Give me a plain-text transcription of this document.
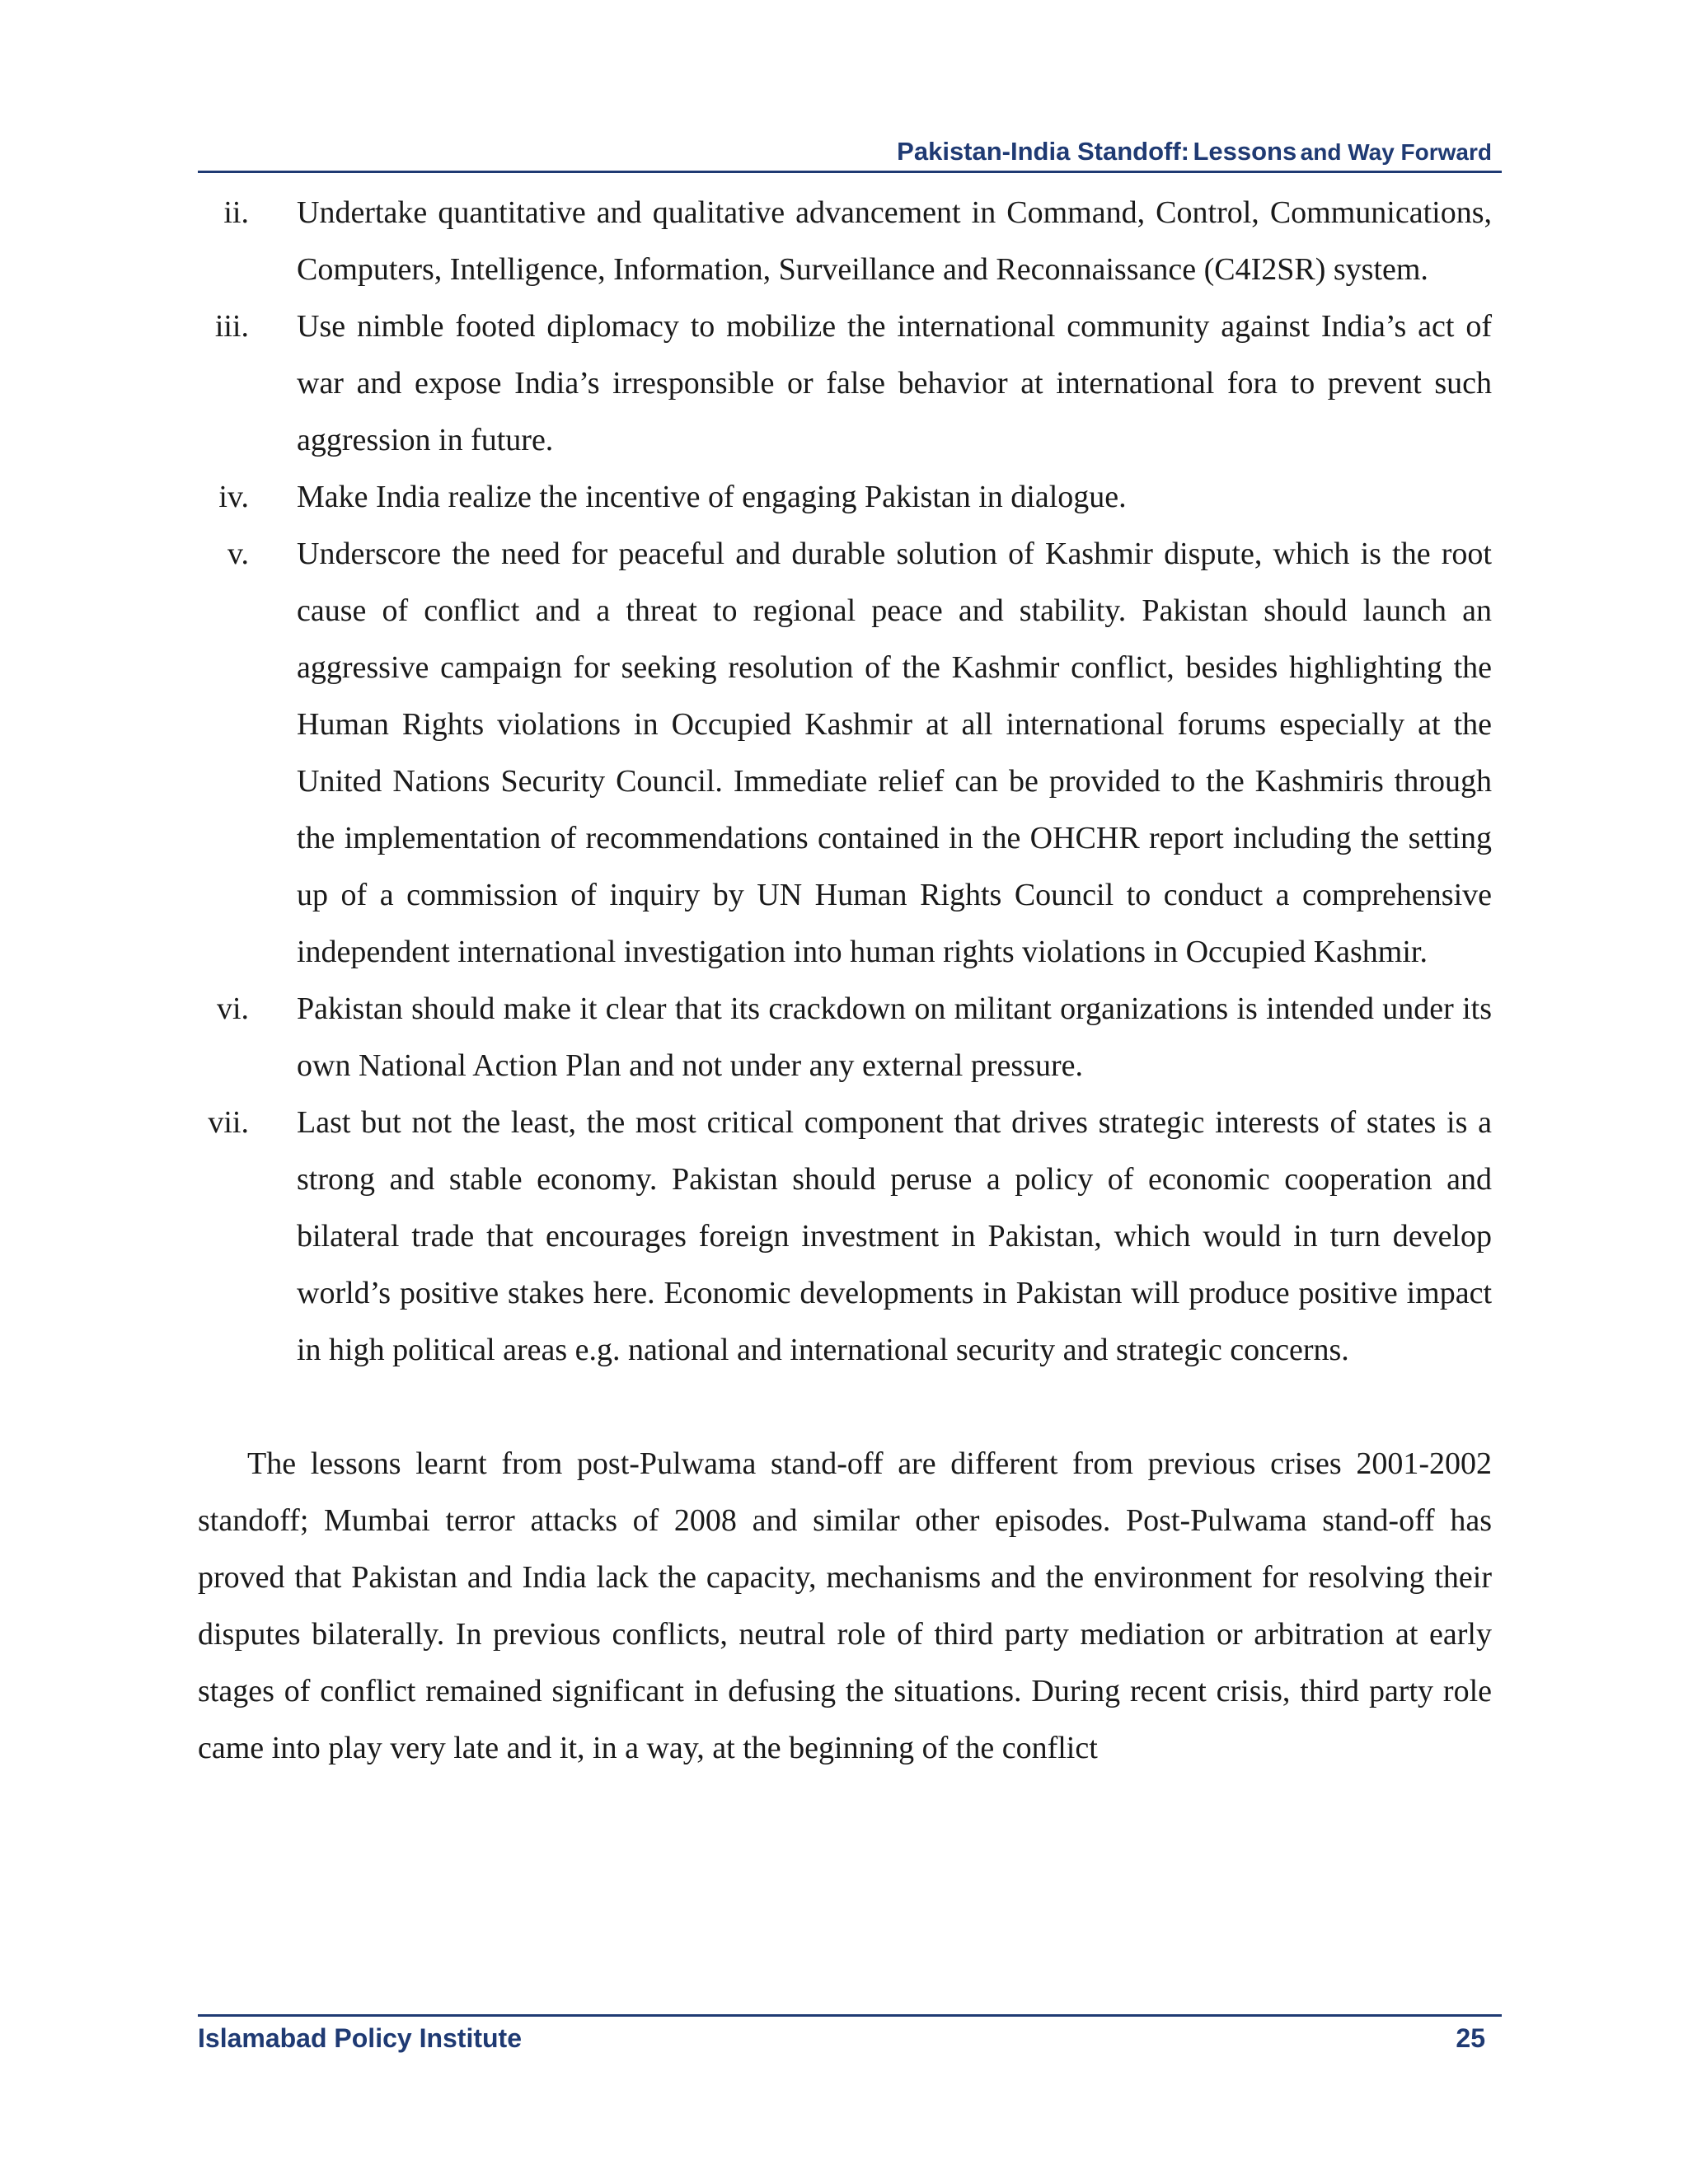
Pakistan-India Standoff: Lessons and Way Forward
ii. Undertake quantitative and qualitative advancement in Command, Control, Communications, Computers, Intelligence, Information, Surveillance and Reconnaissance (C4I2SR) system.
iii. Use nimble footed diplomacy to mobilize the international community against India’s act of war and expose India’s irresponsible or false behavior at international fora to prevent such aggression in future.
iv. Make India realize the incentive of engaging Pakistan in dialogue.
v. Underscore the need for peaceful and durable solution of Kashmir dispute, which is the root cause of conflict and a threat to regional peace and stability. Pakistan should launch an aggressive campaign for seeking resolution of the Kashmir conflict, besides highlighting the Human Rights violations in Occupied Kashmir at all international forums especially at the United Nations Security Council. Immediate relief can be provided to the Kashmiris through the implementation of recommendations contained in the OHCHR report including the setting up of a commission of inquiry by UN Human Rights Council to conduct a comprehensive independent international investigation into human rights violations in Occupied Kashmir.
vi. Pakistan should make it clear that its crackdown on militant organizations is intended under its own National Action Plan and not under any external pressure.
vii. Last but not the least, the most critical component that drives strategic interests of states is a strong and stable economy. Pakistan should peruse a policy of economic cooperation and bilateral trade that encourages foreign investment in Pakistan, which would in turn develop world’s positive stakes here. Economic developments in Pakistan will produce positive impact in high political areas e.g. national and international security and strategic concerns.

The lessons learnt from post-Pulwama stand-off are different from previous crises 2001-2002 standoff; Mumbai terror attacks of 2008 and similar other episodes. Post-Pulwama stand-off has proved that Pakistan and India lack the capacity, mechanisms and the environment for resolving their disputes bilaterally. In previous conflicts, neutral role of third party mediation or arbitration at early stages of conflict remained significant in defusing the situations. During recent crisis, third party role came into play very late and it, in a way, at the beginning of the conflict

Islamabad Policy Institute	25
